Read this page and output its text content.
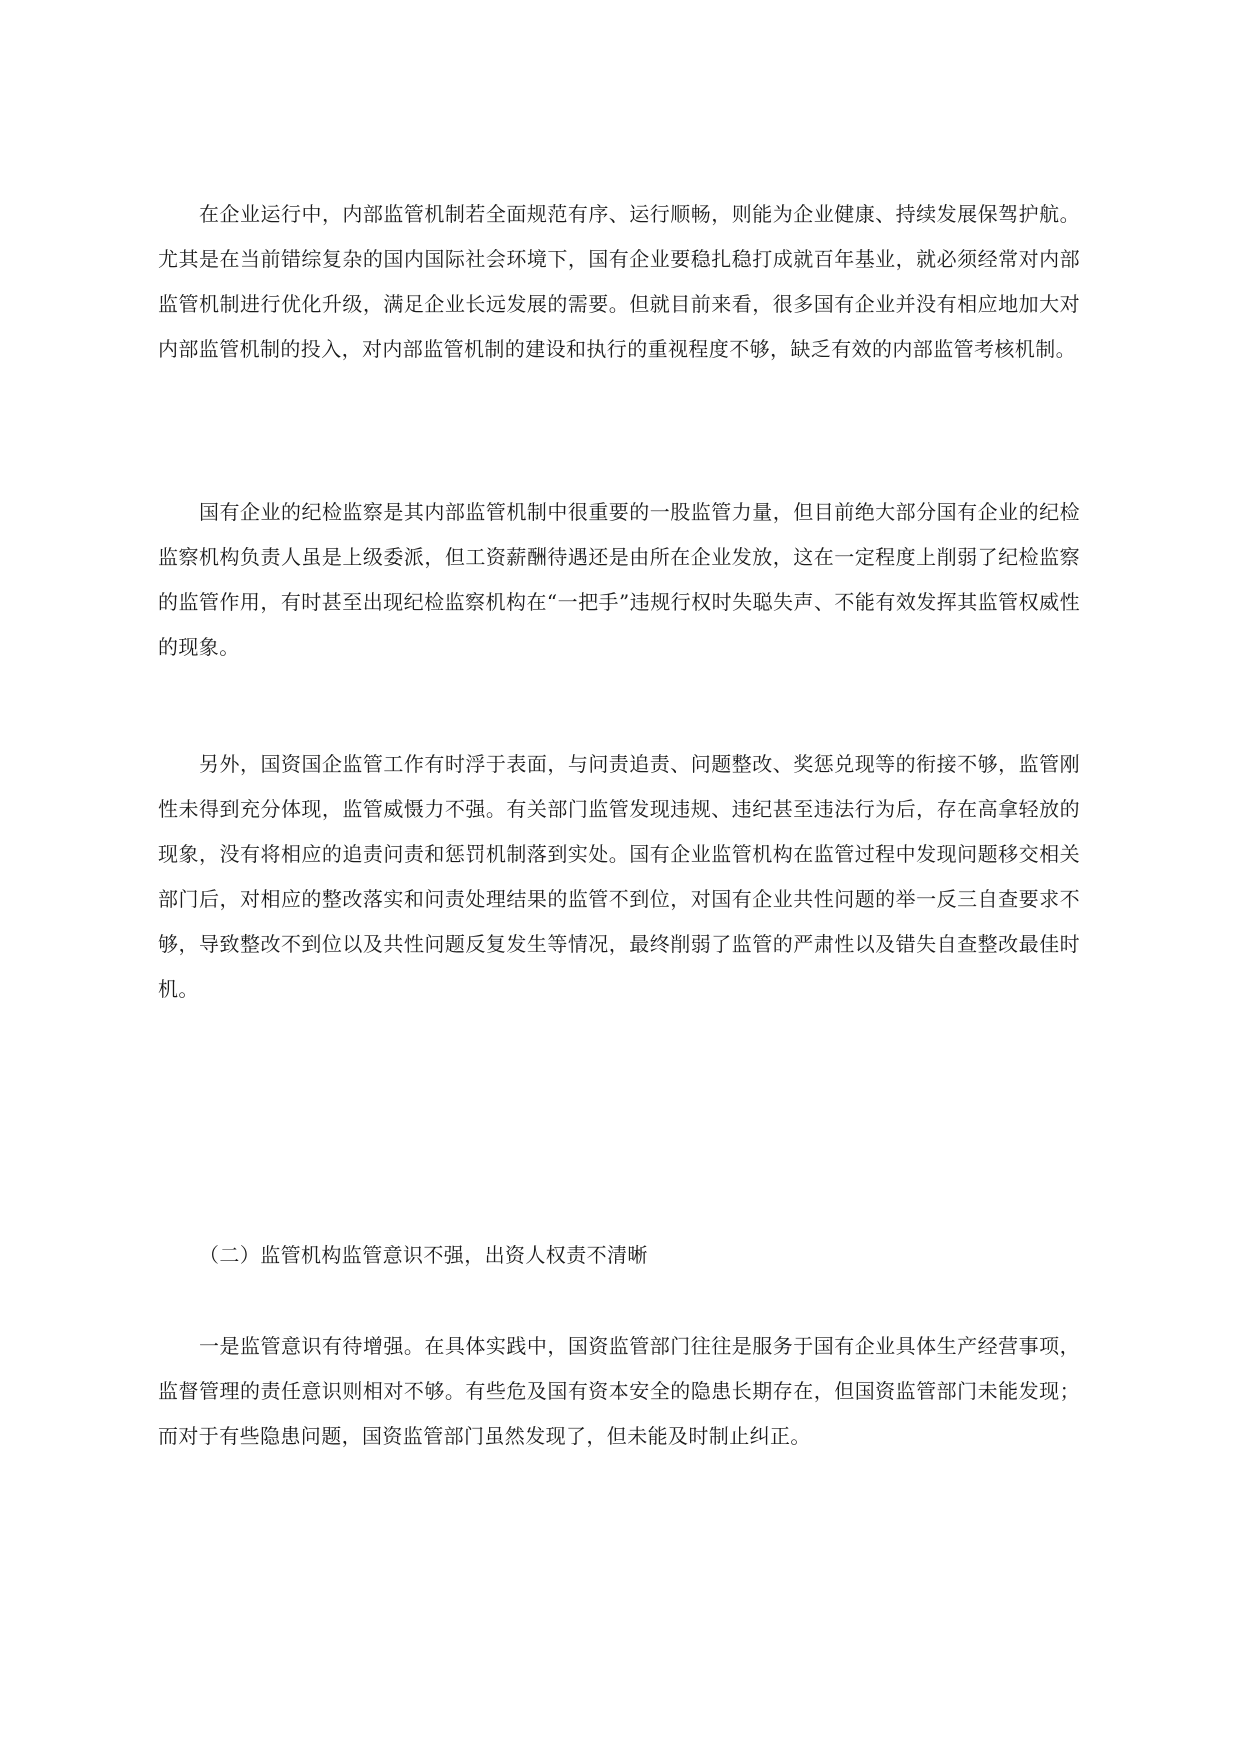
在企业运行中，内部监管机制若全面规范有序、运行顺畅，则能为企业健康、持续发展保驾护航。尤其是在当前错综复杂的国内国际社会环境下，国有企业要稳扎稳打成就百年基业，就必须经常对内部监管机制进行优化升级，满足企业长远发展的需要。但就目前来看，很多国有企业并没有相应地加大对内部监管机制的投入，对内部监管机制的建设和执行的重视程度不够，缺乏有效的内部监管考核机制。

国有企业的纪检监察是其内部监管机制中很重要的一股监管力量，但目前绝大部分国有企业的纪检监察机构负责人虽是上级委派，但工资薪酬待遇还是由所在企业发放，这在一定程度上削弱了纪检监察的监管作用，有时甚至出现纪检监察机构在“一把手”违规行权时失聪失声、不能有效发挥其监管权威性的现象。

另外，国资国企监管工作有时浮于表面，与问责追责、问题整改、奖惩兑现等的衔接不够，监管刚性未得到充分体现，监管威慑力不强。有关部门监管发现违规、违纪甚至违法行为后，存在高拿轻放的现象，没有将相应的追责问责和惩罚机制落到实处。国有企业监管机构在监管过程中发现问题移交相关部门后，对相应的整改落实和问责处理结果的监管不到位，对国有企业共性问题的举一反三自查要求不够，导致整改不到位以及共性问题反复发生等情况，最终削弱了监管的严肃性以及错失自查整改最佳时机。

（二）监管机构监管意识不强，出资人权责不清晰

一是监管意识有待增强。在具体实践中，国资监管部门往往是服务于国有企业具体生产经营事项，监督管理的责任意识则相对不够。有些危及国有资本安全的隐患长期存在，但国资监管部门未能发现；而对于有些隐患问题，国资监管部门虽然发现了，但未能及时制止纠正。
